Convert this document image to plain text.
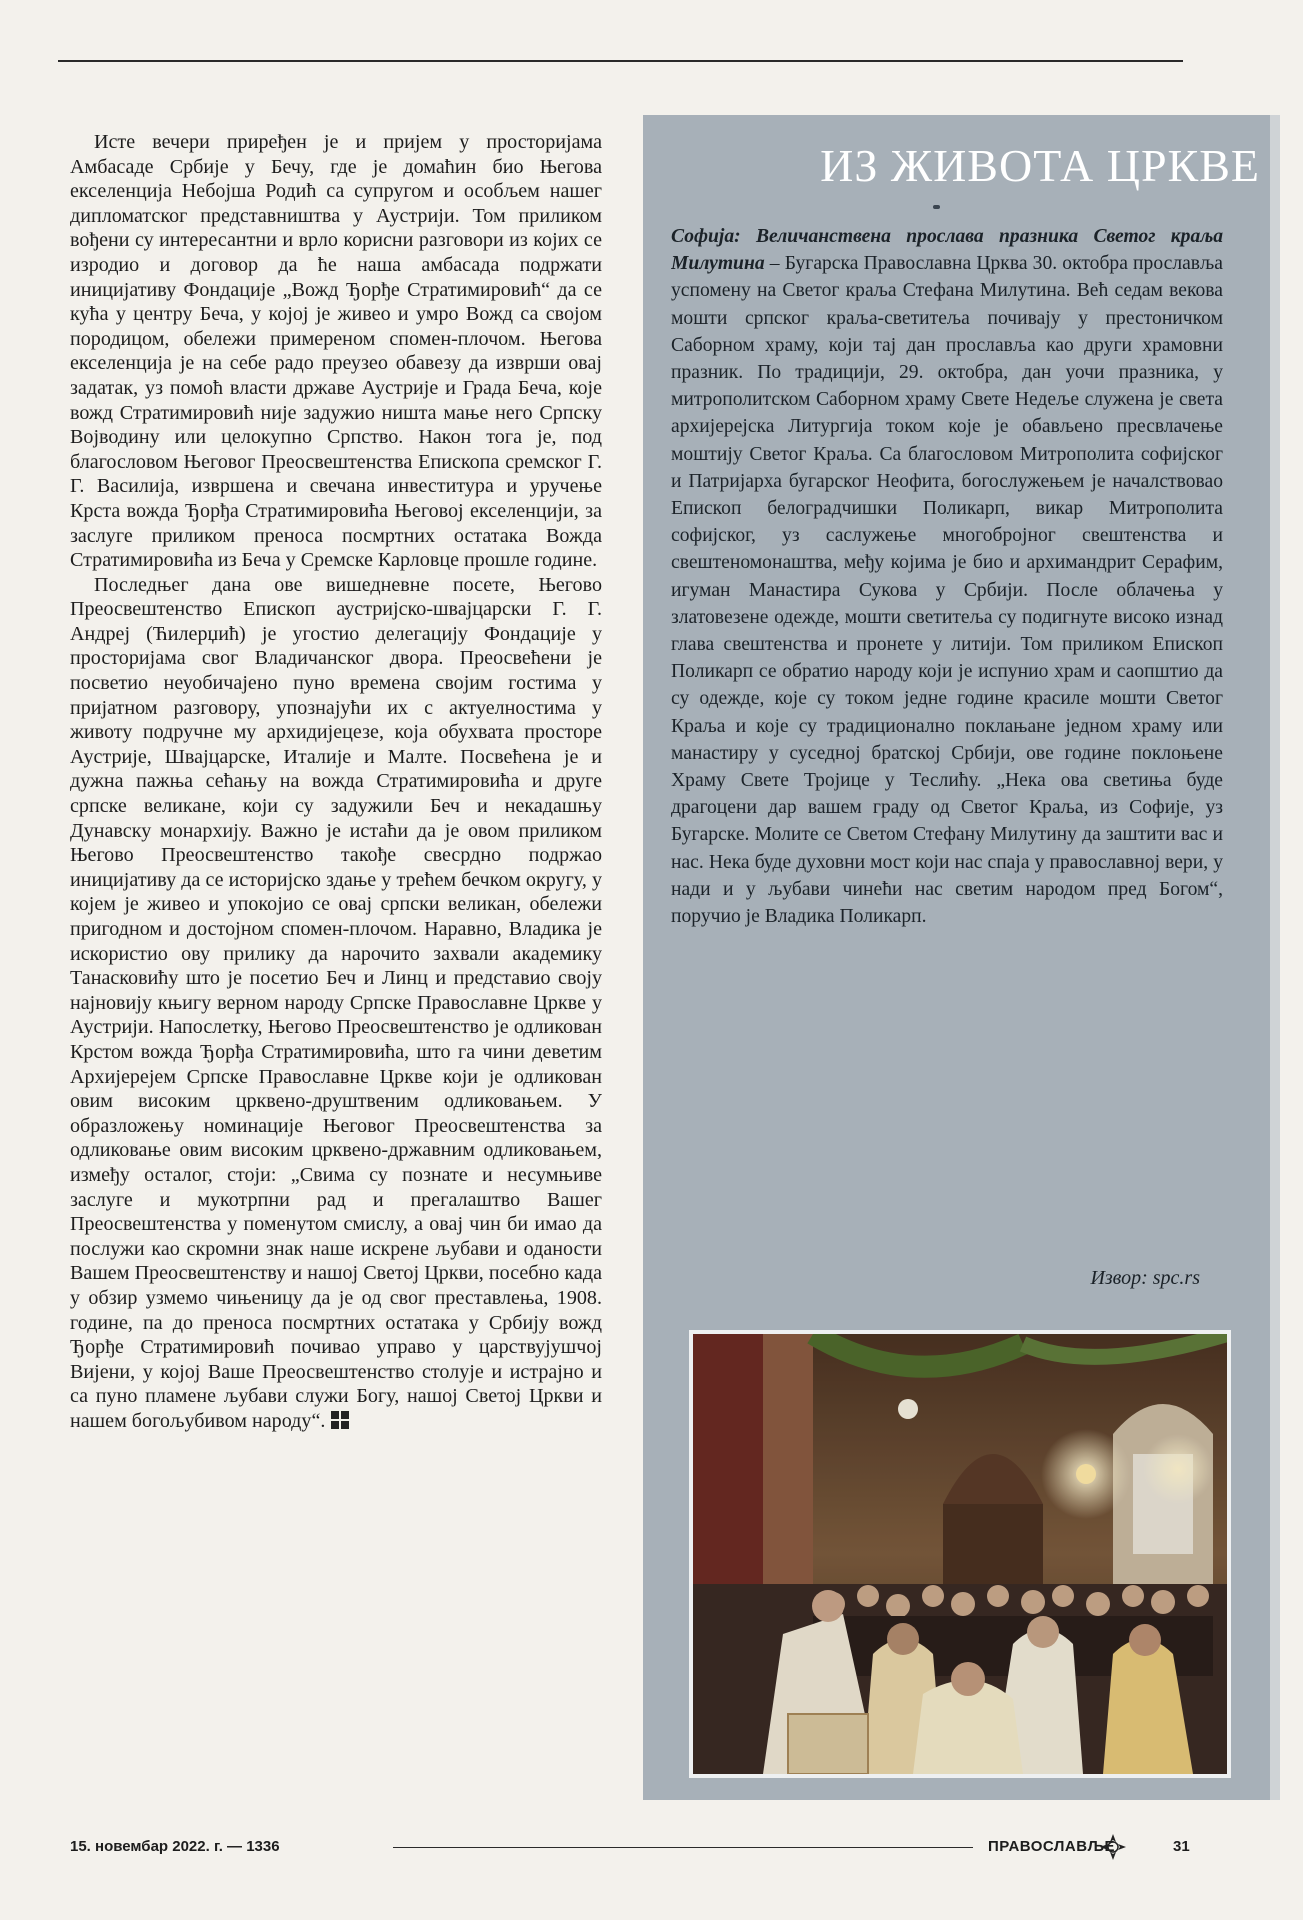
Исте вечери приређен је и пријем у просторијама Амбасаде Србије у Бечу, где је домаћин био Његова екселенција Небојша Родић са супругом и особљем нашег дипломатског представништва у Аустрији. Том приликом вођени су интересантни и врло корисни разговори из којих се изродио и договор да ће наша амбасада подржати иницијативу Фондације „Вожд Ђорђе Стратимировић“ да се кућа у центру Беча, у којој је живео и умро Вожд са својом породицом, обележи примереном спомен-плочом. Његова екселенција је на себе радо преузео обавезу да изврши овај задатак, уз помоћ власти државе Аустрије и Града Беча, које вожд Стратимировић није задужио ништа мање него Српску Војводину или целокупно Српство. Након тога је, под благословом Његовог Преосвештенства Епископа сремског Г. Г. Василија, извршена и свечана инвеститура и уручење Крста вожда Ђорђа Стратимировића Његовој екселенцији, за заслуге приликом преноса посмртних остатака Вожда Стратимировића из Беча у Сремске Карловце прошле године.

Последњег дана ове вишедневне посете, Његово Преосвештенство Епископ аустријско-швајцарски Г. Г. Андреј (Ћилерџић) је угостио делегацију Фондације у просторијама свог Владичанског двора. Преосвећени је посветио неуобичајено пуно времена својим гостима у пријатном разговору, упознајући их с актуелностима у животу подручне му архидијецезе, која обухвата просторе Аустрије, Швајцарске, Италије и Малте. Посвећена је и дужна пажња сећању на вожда Стратимировића и друге српске великане, који су задужили Беч и некадашњу Дунавску монархију. Важно је истаћи да је овом приликом Његово Преосвештенство такође свесрдно подржао иницијативу да се историјско здање у трећем бечком округу, у којем је живео и упокојио се овај српски великан, обележи пригодном и достојном спомен-плочом. Наравно, Владика је искористио ову прилику да нарочито захвали академику Танасковићу што је посетио Беч и Линц и представио своју најновију књигу верном народу Српске Православне Цркве у Аустрији. Напослетку, Његово Преосвештенство је одликован Крстом вожда Ђорђа Стратимировића, што га чини деветим Архијерејем Српске Православне Цркве који је одликован овим високим црквено-друштвеним одликовањем. У образложењу номинације Његовог Преосвештенства за одликовање овим високим црквено-државним одликовањем, између осталог, стоји: „Свима су познате и несумњиве заслуге и мукотрпни рад и прегалаштво Вашег Преосвештенства у поменутом смислу, а овај чин би имао да послужи као скромни знак наше искрене љубави и оданости Вашем Преосвештенству и нашој Светој Цркви, посебно када у обзир узмемо чињеницу да је од свог преставлења, 1908. године, па до преноса посмртних остатака у Србију вожд Ђорђе Стратимировић почивао управо у царствујушчој Вијени, у којој Ваше Преосвештенство столује и истрајно и са пуно пламене љубави служи Богу, нашој Светој Цркви и нашем богољубивом народу“.

ИЗ ЖИВОТА ЦРКВЕ
Софија: Величанствена прослава празника Светог краља Милутина – Бугарска Православна Црква 30. октобра прославља успомену на Светог краља Стефана Милутина. Већ седам векова мошти српског краља-светитеља почивају у престоничком Саборном храму, који тај дан прославља као други храмовни празник. По традицији, 29. октобра, дан уочи празника, у митрополитском Саборном храму Свете Недеље служена је света архијерејска Литургија током које је обављено пресвлачење моштију Светог Краља. Са благословом Митрополита софијског и Патријарха бугарског Неофита, богослужењем је началствовао Епископ белоградчишки Поликарп, викар Митрополита софијског, уз саслужење многобројног свештенства и свештеномонаштва, међу којима је био и архимандрит Серафим, игуман Манастира Сукова у Србији. После облачења у златовезене одежде, мошти светитеља су подигнуте високо изнад глава свештенства и пронете у литији. Том приликом Епископ Поликарп се обратио народу који је испунио храм и саопштио да су одежде, које су током једне године красиле мошти Светог Краља и које су традиционално поклањане једном храму или манастиру у суседној братској Србији, ове године поклоњене Храму Свете Тројице у Теслићу. „Нека ова светиња буде драгоцени дар вашем граду од Светог Краља, из Софије, уз Бугарске. Молите се Светом Стефану Милутину да заштити вас и нас. Нека буде духовни мост који нас спаја у православној вери, у нади и у љубави чинећи нас светим народом пред Богом“, поручио је Владика Поликарп.
Извор: spc.rs
15. новембар 2022. г. — 1336	ПРАВОСЛАВЉЕ	31
